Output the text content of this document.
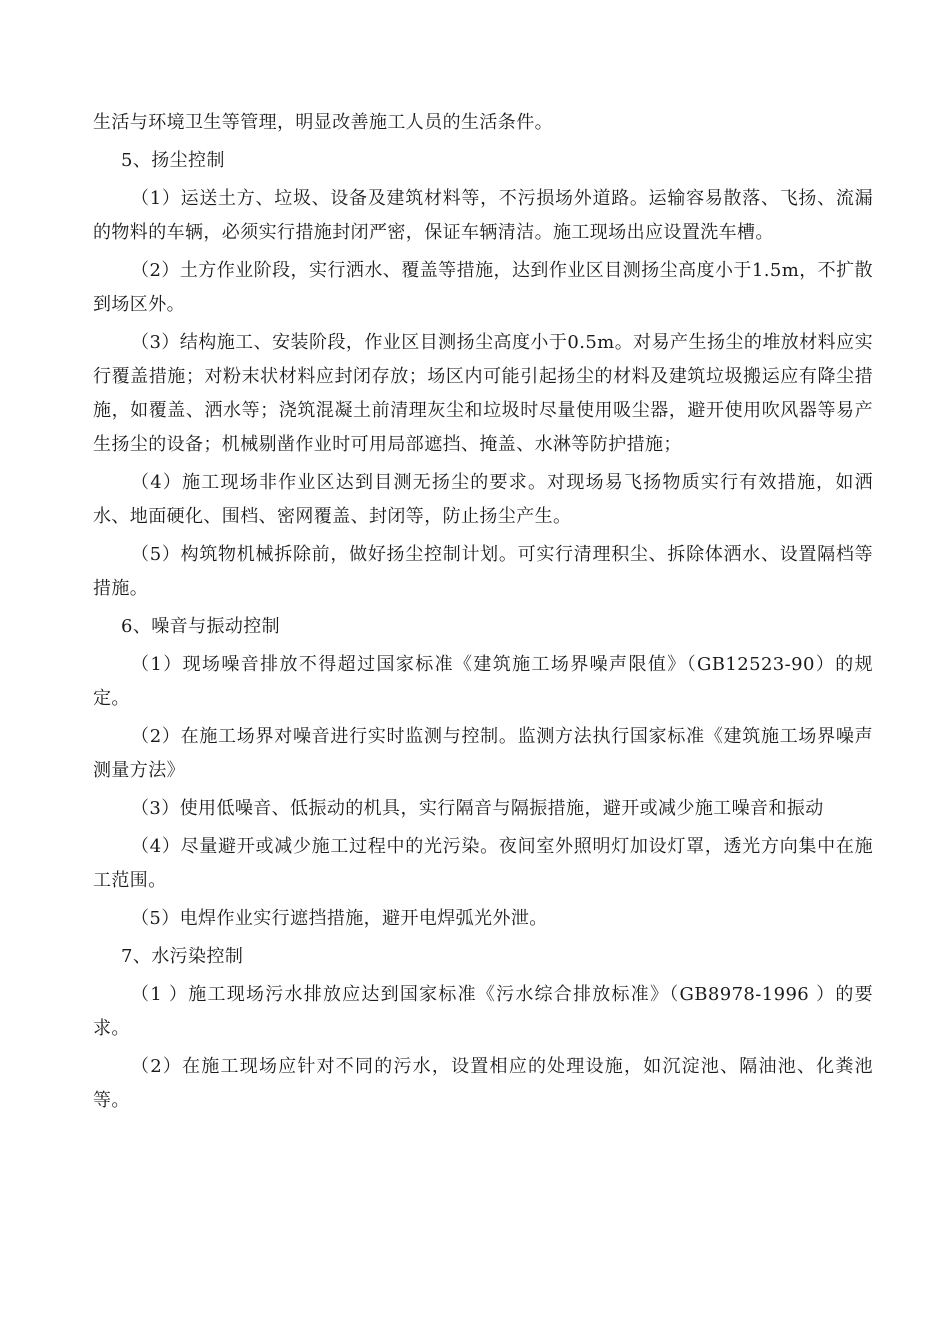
生活与环境卫生等管理，明显改善施工人员的生活条件。

5、扬尘控制

（1）运送土方、垃圾、设备及建筑材料等，不污损场外道路。运输容易散落、飞扬、流漏的物料的车辆，必须实行措施封闭严密，保证车辆清洁。施工现场出应设置洗车槽。

（2）土方作业阶段，实行洒水、覆盖等措施，达到作业区目测扬尘高度小于1.5m，不扩散到场区外。

（3）结构施工、安装阶段，作业区目测扬尘高度小于0.5m。对易产生扬尘的堆放材料应实行覆盖措施；对粉末状材料应封闭存放；场区内可能引起扬尘的材料及建筑垃圾搬运应有降尘措施，如覆盖、洒水等；浇筑混凝土前清理灰尘和垃圾时尽量使用吸尘器，避开使用吹风器等易产生扬尘的设备；机械剔凿作业时可用局部遮挡、掩盖、水淋等防护措施；

（4）施工现场非作业区达到目测无扬尘的要求。对现场易飞扬物质实行有效措施，如洒水、地面硬化、围档、密网覆盖、封闭等，防止扬尘产生。

（5）构筑物机械拆除前，做好扬尘控制计划。可实行清理积尘、拆除体洒水、设置隔档等措施。

6、噪音与振动控制

（1）现场噪音排放不得超过国家标准《建筑施工场界噪声限值》（GB12523-90）的规定。

（2）在施工场界对噪音进行实时监测与控制。监测方法执行国家标准《建筑施工场界噪声测量方法》

（3）使用低噪音、低振动的机具，实行隔音与隔振措施，避开或减少施工噪音和振动

（4）尽量避开或减少施工过程中的光污染。夜间室外照明灯加设灯罩，透光方向集中在施工范围。

（5）电焊作业实行遮挡措施，避开电焊弧光外泄。

7、水污染控制

（1 ）施工现场污水排放应达到国家标准《污水综合排放标准》（GB8978-1996 ）的要求。

（2）在施工现场应针对不同的污水，设置相应的处理设施，如沉淀池、隔油池、化粪池等。
